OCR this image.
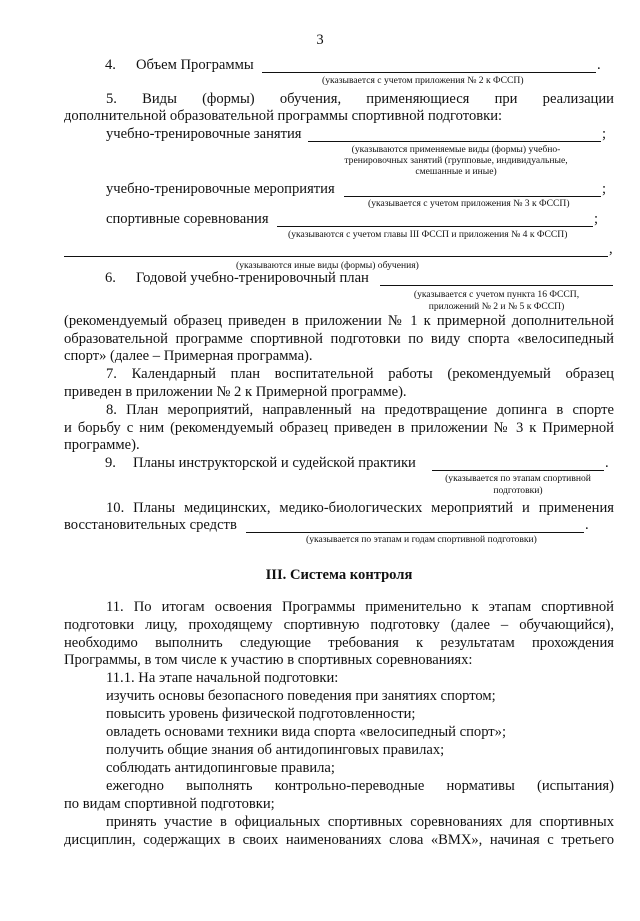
3
4. Объем Программы	.
(указывается с учетом приложения № 2 к ФССП)
5. Виды (формы) обучения, применяющиеся при реализации
дополнительной образовательной программы спортивной подготовки:
учебно-тренировочные занятия	;
(указываются применяемые виды (формы) учебно-
тренировочных занятий (групповые, индивидуальные,
смешанные и иные)
учебно-тренировочные мероприятия	;
(указывается с учетом приложения № 3 к ФССП)
спортивные соревнования	;
(указываются с учетом главы III ФССП и приложения № 4 к ФССП)
,
(указываются иные виды (формы) обучения)
6. Годовой учебно-тренировочный план
(указывается с учетом пункта 16 ФССП,
приложений № 2 и № 5 к ФССП)
(рекомендуемый образец приведен в приложении № 1 к примерной дополнительной
образовательной программе спортивной подготовки по виду спорта «велосипедный
спорт» (далее – Примерная программа).
7. Календарный план воспитательной работы (рекомендуемый образец
приведен в приложении № 2 к Примерной программе).
8. План мероприятий, направленный на предотвращение допинга в спорте
и борьбу с ним (рекомендуемый образец приведен в приложении № 3 к Примерной
программе).
9. Планы инструкторской и судейской практики	.
(указывается по этапам спортивной
подготовки)
10. Планы медицинских, медико-биологических мероприятий и применения
восстановительных средств	.
(указывается по этапам и годам спортивной подготовки)
III. Система контроля
11. По итогам освоения Программы применительно к этапам спортивной
подготовки лицу, проходящему спортивную подготовку (далее – обучающийся),
необходимо выполнить следующие требования к результатам прохождения
Программы, в том числе к участию в спортивных соревнованиях:
11.1. На этапе начальной подготовки:
изучить основы безопасного поведения при занятиях спортом;
повысить уровень физической подготовленности;
овладеть основами техники вида спорта «велосипедный спорт»;
получить общие знания об антидопинговых правилах;
соблюдать антидопинговые правила;
ежегодно выполнять контрольно-переводные нормативы (испытания)
по видам спортивной подготовки;
принять участие в официальных спортивных соревнованиях для спортивных
дисциплин, содержащих в своих наименованиях слова «BMX», начиная с третьего
